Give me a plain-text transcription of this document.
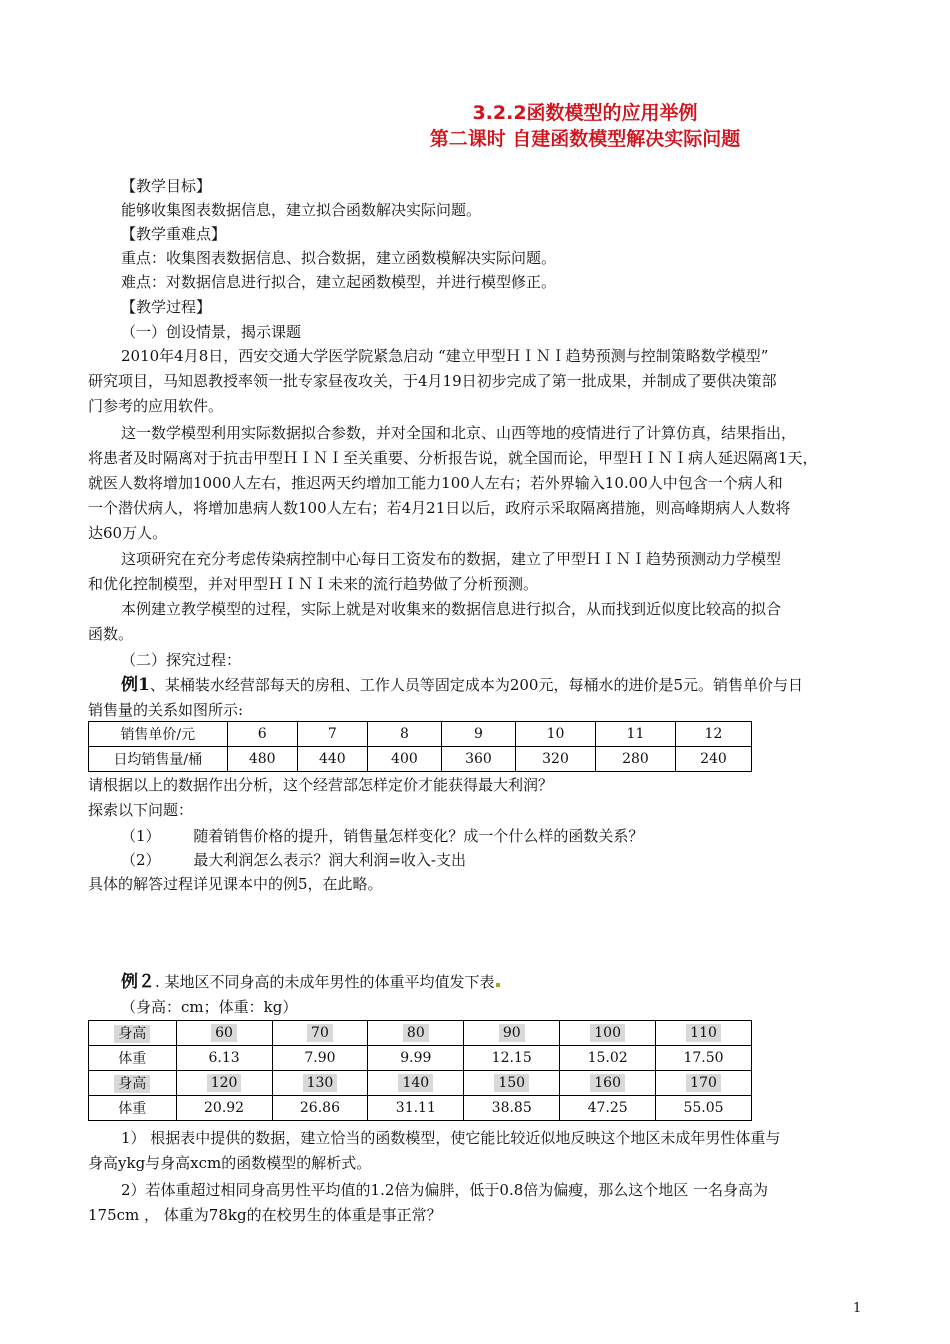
3.2.2函数模型的应用举例
第二课时 自建函数模型解决实际问题
【教学目标】
能够收集图表数据信息，建立拟合函数解决实际问题。
【教学重难点】
重点：收集图表数据信息、拟合数据，建立函数模解决实际问题。
难点：对数据信息进行拟合，建立起函数模型，并进行模型修正。
【教学过程】
（一）创设情景，揭示课题
2010年4月8日，西安交通大学医学院紧急启动 “建立甲型ＨＩＮＩ趋势预测与控制策略数学模型”
研究项目，马知恩教授率领一批专家昼夜攻关，于4月19日初步完成了第一批成果，并制成了要供决策部
门参考的应用软件。
这一数学模型利用实际数据拟合参数，并对全国和北京、山西等地的疫情进行了计算仿真，结果指出，
将患者及时隔离对于抗击甲型ＨＩＮＩ至关重要、分析报告说，就全国而论，甲型ＨＩＮＩ病人延迟隔离1天，
就医人数将增加1000人左右，推迟两天约增加工能力100人左右；若外界输入10.00人中包含一个病人和
一个潜伏病人，将增加患病人数100人左右；若4月21日以后，政府示采取隔离措施，则高峰期病人人数将
达60万人。
这项研究在充分考虑传染病控制中心每日工资发布的数据，建立了甲型ＨＩＮＩ趋势预测动力学模型
和优化控制模型，并对甲型ＨＩＮＩ未来的流行趋势做了分析预测。
本例建立教学模型的过程，实际上就是对收集来的数据信息进行拟合，从而找到近似度比较高的拟合
函数。
（二）探究过程：
例1、某桶装水经营部每天的房租、工作人员等固定成本为200元，每桶水的进价是5元。销售单价与日
销售量的关系如图所示:
销售单价/元	6	7	8	9	10	11	12
日均销售量/桶	480	440	400	360	320	280	240
请根据以上的数据作出分析，这个经营部怎样定价才能获得最大利润？
探索以下问题：
（1） 随着销售价格的提升，销售量怎样变化？成一个什么样的函数关系？
（2） 最大利润怎么表示？润大利润=收入-支出
具体的解答过程详见课本中的例5，在此略。
例２. 某地区不同身高的未成年男性的体重平均值发下表
（身高：cm；体重：kg）
身高	60	70	80	90	100	110
体重	6.13	7.90	9.99	12.15	15.02	17.50
身高	120	130	140	150	160	170
体重	20.92	26.86	31.11	38.85	47.25	55.05
1） 根据表中提供的数据，建立恰当的函数模型，使它能比较近似地反映这个地区未成年男性体重与
身高ykg与身高xcm的函数模型的解析式。
2）若体重超过相同身高男性平均值的1.2倍为偏胖，低于0.8倍为偏瘦，那么这个地区 一名身高为
175cm ， 体重为78kg的在校男生的体重是事正常？
1
